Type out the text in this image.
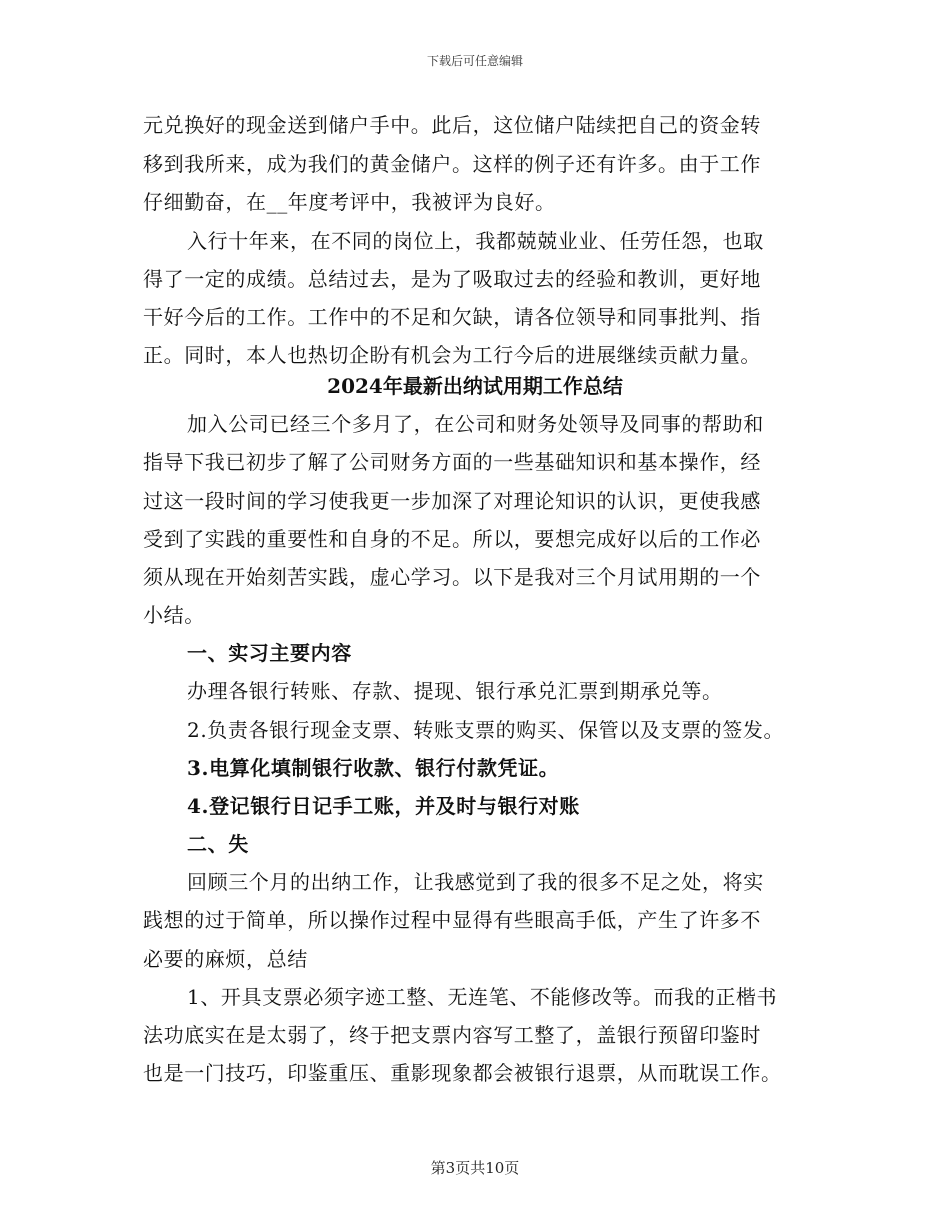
下载后可任意编辑
元兑换好的现金送到储户手中。此后，这位储户陆续把自己的资金转
移到我所来，成为我们的黄金储户。这样的例子还有许多。由于工作
仔细勤奋，在__年度考评中，我被评为良好。
入行十年来，在不同的岗位上，我都兢兢业业、任劳任怨，也取
得了一定的成绩。总结过去，是为了吸取过去的经验和教训，更好地
干好今后的工作。工作中的不足和欠缺，请各位领导和同事批判、指
正。同时，本人也热切企盼有机会为工行今后的进展继续贡献力量。
2024年最新出纳试用期工作总结
加入公司已经三个多月了，在公司和财务处领导及同事的帮助和
指导下我已初步了解了公司财务方面的一些基础知识和基本操作，经
过这一段时间的学习使我更一步加深了对理论知识的认识，更使我感
受到了实践的重要性和自身的不足。所以，要想完成好以后的工作必
须从现在开始刻苦实践，虚心学习。以下是我对三个月试用期的一个
小结。
一、实习主要内容
办理各银行转账、存款、提现、银行承兑汇票到期承兑等。
2.负责各银行现金支票、转账支票的购买、保管以及支票的签发。
3.电算化填制银行收款、银行付款凭证。
4.登记银行日记手工账，并及时与银行对账
二、失
回顾三个月的出纳工作，让我感觉到了我的很多不足之处，将实
践想的过于简单，所以操作过程中显得有些眼高手低，产生了许多不
必要的麻烦，总结
1、开具支票必须字迹工整、无连笔、不能修改等。而我的正楷书
法功底实在是太弱了，终于把支票内容写工整了，盖银行预留印鉴时
也是一门技巧，印鉴重压、重影现象都会被银行退票，从而耽误工作。
第3页共10页
